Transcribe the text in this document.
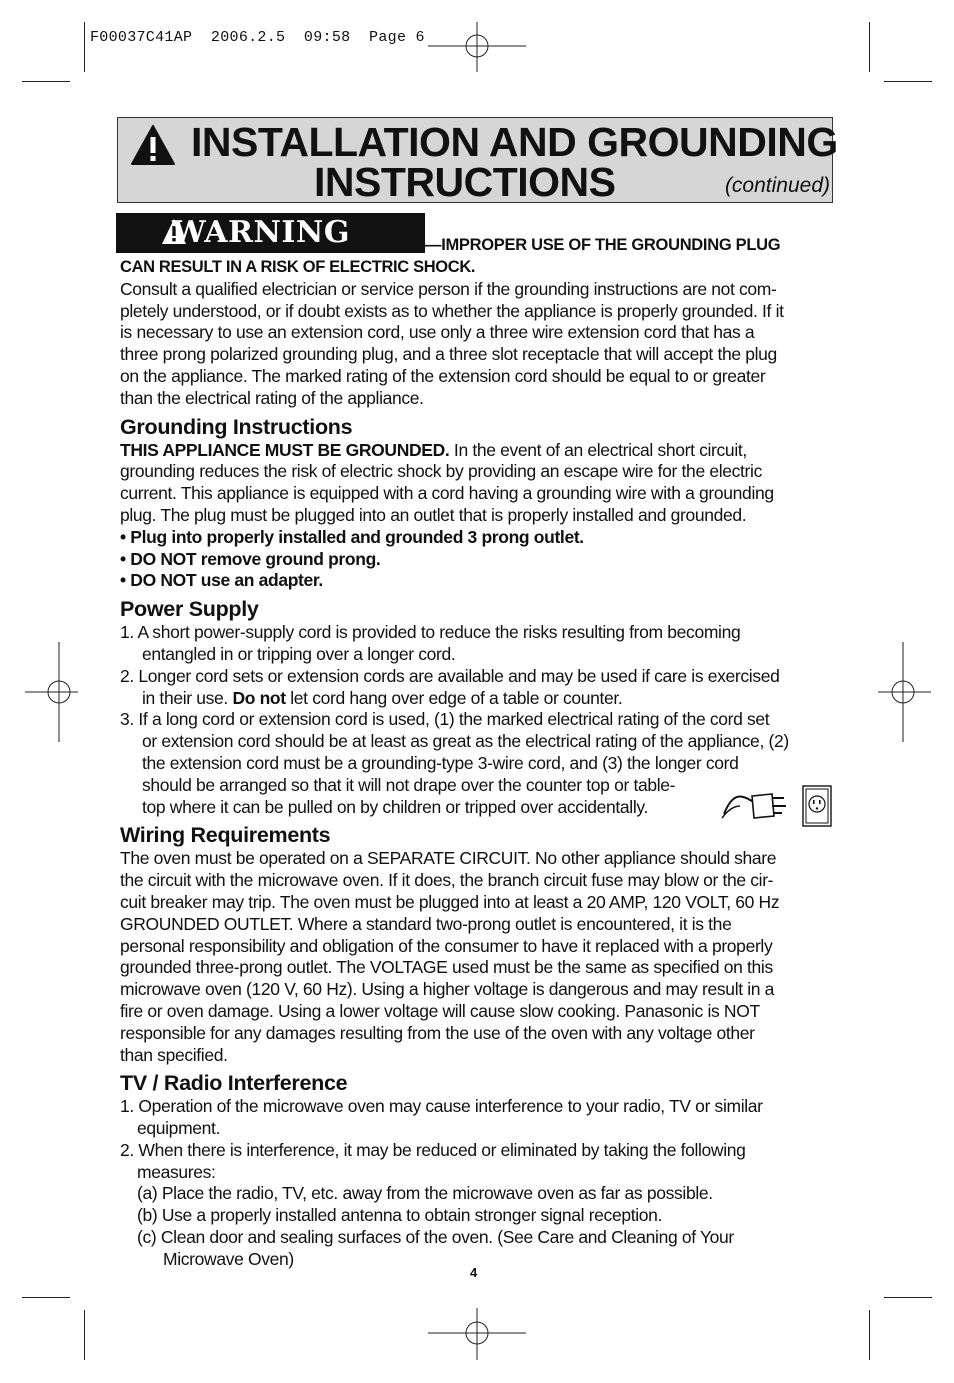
F00037C41AP  2006.2.5  09:58  Page 6
INSTALLATION AND GROUNDING
INSTRUCTIONS	(continued)
WARNING	—IMPROPER USE OF THE GROUNDING PLUG
CAN RESULT IN A RISK OF ELECTRIC SHOCK.
Consult a qualified electrician or service person if the grounding instructions are not com-
pletely understood, or if doubt exists as to whether the appliance is properly grounded. If it
is necessary to use an extension cord, use only a three wire extension cord that has a
three prong polarized grounding plug, and a three slot receptacle that will accept the plug
on the appliance. The marked rating of the extension cord should be equal to or greater
than the electrical rating of the appliance.
Grounding Instructions
THIS APPLIANCE MUST BE GROUNDED. In the event of an electrical short circuit,
grounding reduces the risk of electric shock by providing an escape wire for the electric
current. This appliance is equipped with a cord having a grounding wire with a grounding
plug. The plug must be plugged into an outlet that is properly installed and grounded.
• Plug into properly installed and grounded 3 prong outlet.
• DO NOT remove ground prong.
• DO NOT use an adapter.
Power Supply
1. A short power-supply cord is provided to reduce the risks resulting from becoming
entangled in or tripping over a longer cord.
2. Longer cord sets or extension cords are available and may be used if care is exercised
in their use. Do not let cord hang over edge of a table or counter.
3. If a long cord or extension cord is used, (1) the marked electrical rating of the cord set
or extension cord should be at least as great as the electrical rating of the appliance, (2)
the extension cord must be a grounding-type 3-wire cord, and (3) the longer cord
should be arranged so that it will not drape over the counter top or table-
top where it can be pulled on by children or tripped over accidentally.
Wiring Requirements
The oven must be operated on a SEPARATE CIRCUIT. No other appliance should share
the circuit with the microwave oven. If it does, the branch circuit fuse may blow or the cir-
cuit breaker may trip. The oven must be plugged into at least a 20 AMP, 120 VOLT, 60 Hz
GROUNDED OUTLET. Where a standard two-prong outlet is encountered, it is the
personal responsibility and obligation of the consumer to have it replaced with a properly
grounded three-prong outlet. The VOLTAGE used must be the same as specified on this
microwave oven (120 V, 60 Hz). Using a higher voltage is dangerous and may result in a
fire or oven damage. Using a lower voltage will cause slow cooking. Panasonic is NOT
responsible for any damages resulting from the use of the oven with any voltage other
than specified.
TV / Radio Interference
1. Operation of the microwave oven may cause interference to your radio, TV or similar
equipment.
2. When there is interference, it may be reduced or eliminated by taking the following
measures:
(a) Place the radio, TV, etc. away from the microwave oven as far as possible.
(b) Use a properly installed antenna to obtain stronger signal reception.
(c) Clean door and sealing surfaces of the oven. (See Care and Cleaning of Your
Microwave Oven)
4
